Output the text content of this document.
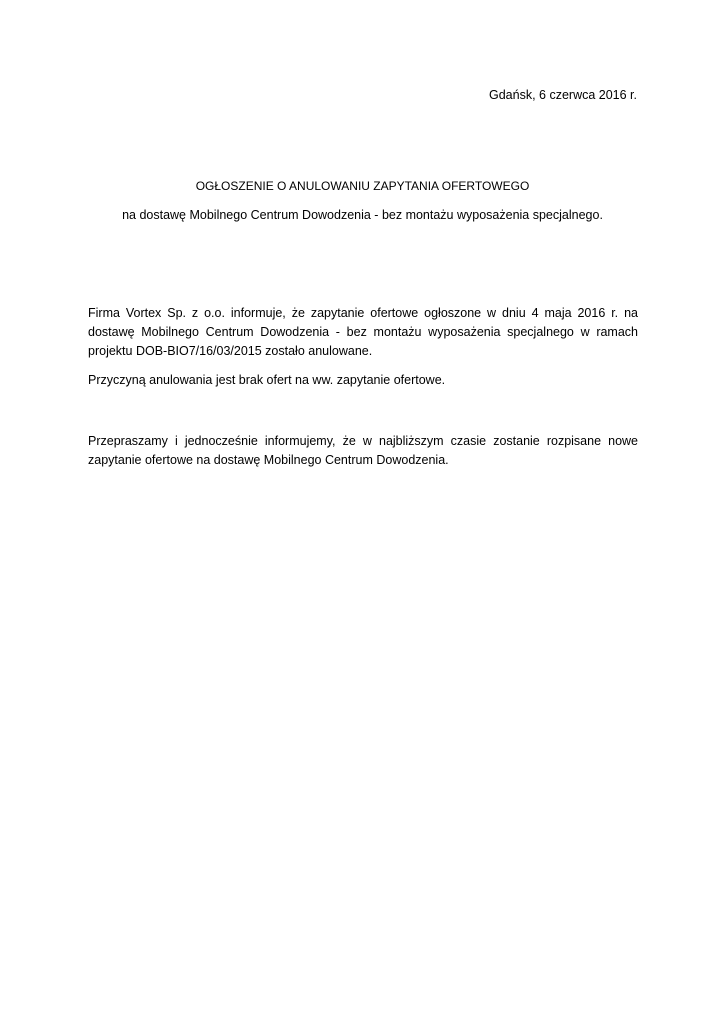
Gdańsk, 6 czerwca 2016 r.
OGŁOSZENIE O ANULOWANIU ZAPYTANIA OFERTOWEGO
na dostawę Mobilnego Centrum Dowodzenia - bez montażu wyposażenia specjalnego.
Firma Vortex Sp. z o.o. informuje, że zapytanie ofertowe ogłoszone w dniu 4 maja 2016 r. na dostawę Mobilnego Centrum Dowodzenia - bez montażu wyposażenia specjalnego w ramach projektu DOB-BIO7/16/03/2015 zostało anulowane.
Przyczyną anulowania jest brak ofert na ww. zapytanie ofertowe.
Przepraszamy i jednocześnie informujemy, że w najbliższym czasie zostanie rozpisane nowe zapytanie ofertowe na dostawę Mobilnego Centrum Dowodzenia.
